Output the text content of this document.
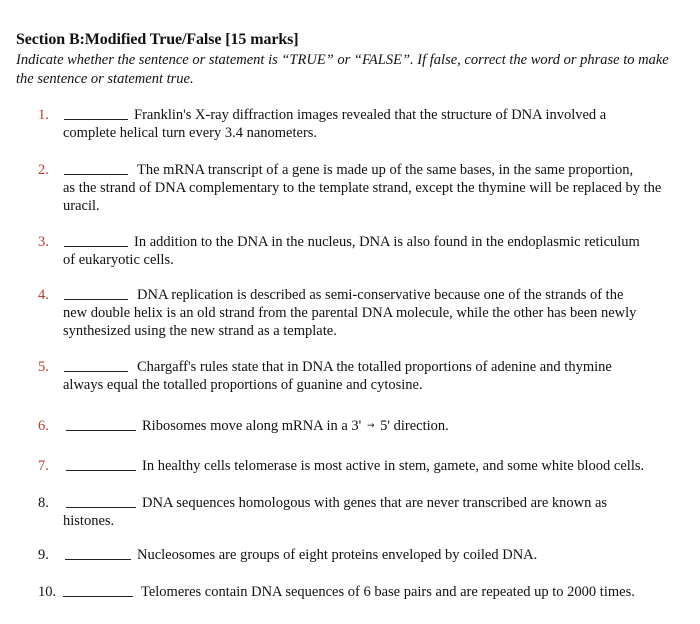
Section B:Modified True/False [15 marks]
Indicate whether the sentence or statement is “TRUE” or “FALSE”. If false, correct the word or phrase to make the sentence or statement true.
1.	Franklin's X-ray diffraction images revealed that the structure of DNA involved a
complete helical turn every 3.4 nanometers.
2.	The mRNA transcript of a gene is made up of the same bases, in the same proportion,
as the strand of DNA complementary to the template strand, except the thymine will be replaced by the uracil.
3.	In addition to the DNA in the nucleus, DNA is also found in the endoplasmic reticulum
of eukaryotic cells.
4.	DNA replication is described as semi-conservative because one of the strands of the
new double helix is an old strand from the parental DNA molecule, while the other has been newly synthesized using the new strand as a template.
5.	Chargaff's rules state that in DNA the totalled proportions of adenine and thymine
always equal the totalled proportions of guanine and cytosine.
6.	Ribosomes move along mRNA in a 3' → 5' direction.
7.	In healthy cells telomerase is most active in stem, gamete, and some white blood cells.
8.	DNA sequences homologous with genes that are never transcribed are known as
histones.
9.	Nucleosomes are groups of eight proteins enveloped by coiled DNA.
10.	Telomeres contain DNA sequences of 6 base pairs and are repeated up to 2000 times.
